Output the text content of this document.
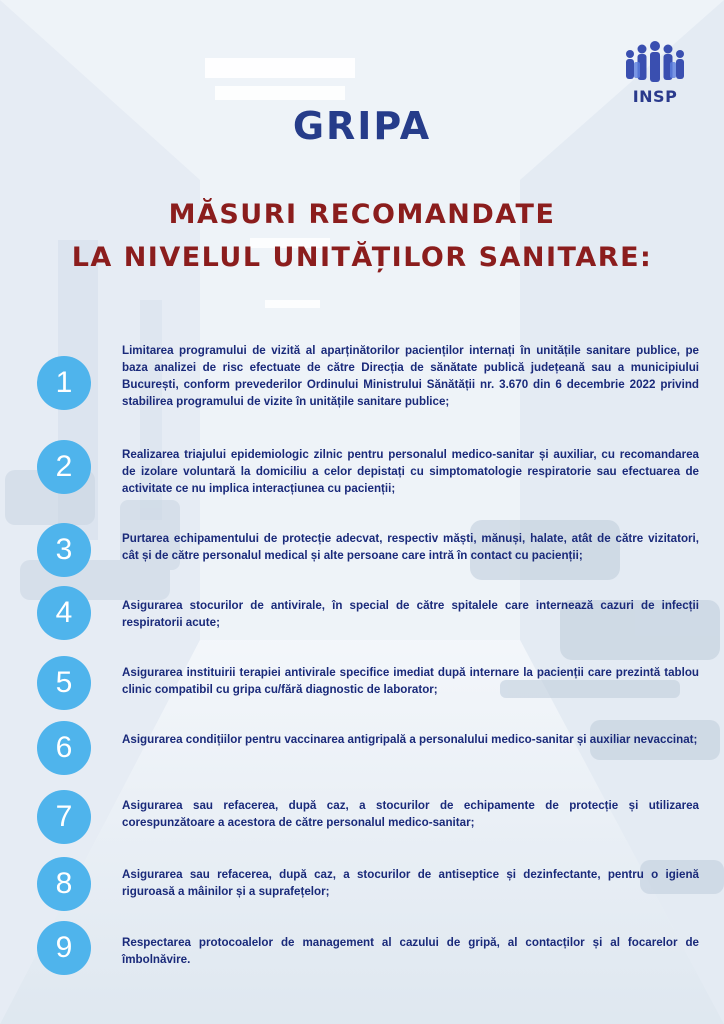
INSP
GRIPA
MĂSURI RECOMANDATE
LA NIVELUL UNITĂȚILOR SANITARE:
1

Limitarea programului de vizită al aparținătorilor pacienților internați în unitățile sanitare publice, pe baza analizei de risc efectuate de către Direcția de sănătate publică județeană sau a municipiului București, conform prevederilor Ordinului Ministrului Sănătății nr. 3.670 din 6 decembrie 2022 privind stabilirea programului de vizite în unitățile sanitare publice;

2	Realizarea triajului epidemiologic zilnic pentru personalul medico-sanitar și auxiliar, cu recomandarea de izolare voluntară la domiciliu a celor depistați cu simptomatologie respiratorie sau efectuarea de activitate ce nu implica interacțiunea cu pacienții;

3	Purtarea echipamentului de protecție adecvat, respectiv măști, mănuși, halate, atât de către vizitatori, cât și de către personalul medical și alte persoane care intră în contact cu pacienții;

4	Asigurarea stocurilor de antivirale, în special de către spitalele care internează cazuri de infecții respiratorii acute;

5	Asigurarea instituirii terapiei antivirale specifice imediat după internare la pacienții care prezintă tablou clinic compatibil cu gripa cu/fără diagnostic de laborator;

6	Asigurarea condițiilor pentru vaccinarea antigripală a personalului medico-sanitar și auxiliar nevaccinat;

7	Asigurarea sau refacerea, după caz, a stocurilor de echipamente de protecție și utilizarea corespunzătoare a acestora de către personalul medico-sanitar;

8	Asigurarea sau refacerea, după caz, a stocurilor de antiseptice și dezinfectante, pentru o igienă riguroasă a mâinilor și a suprafețelor;

9	Respectarea protocoalelor de management al cazului de gripă, al contacților și al focarelor de îmbolnăvire.
